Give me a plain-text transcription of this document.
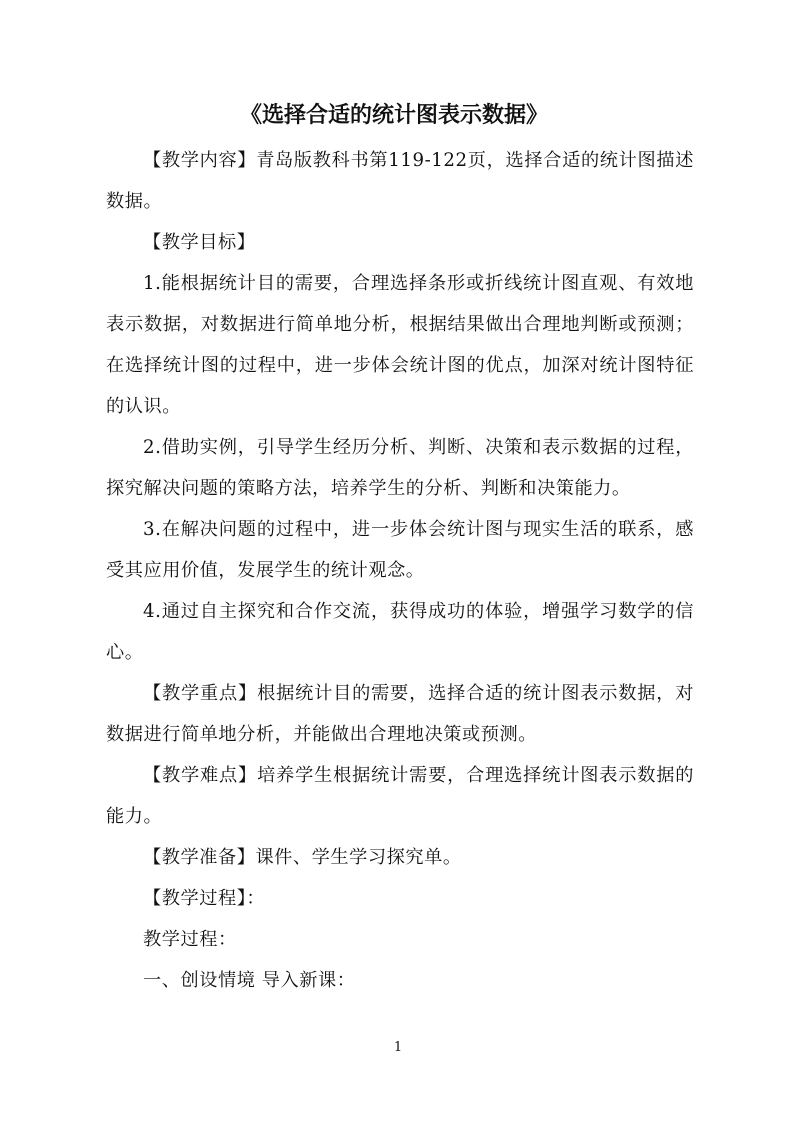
《选择合适的统计图表示数据》

【教学内容】青岛版教科书第119-122页，选择合适的统计图描述数据。

【教学目标】

1.能根据统计目的需要，合理选择条形或折线统计图直观、有效地表示数据，对数据进行简单地分析，根据结果做出合理地判断或预测；在选择统计图的过程中，进一步体会统计图的优点，加深对统计图特征的认识。

2.借助实例，引导学生经历分析、判断、决策和表示数据的过程，探究解决问题的策略方法，培养学生的分析、判断和决策能力。

3.在解决问题的过程中，进一步体会统计图与现实生活的联系，感受其应用价值，发展学生的统计观念。

4.通过自主探究和合作交流，获得成功的体验，增强学习数学的信心。

【教学重点】根据统计目的需要，选择合适的统计图表示数据，对数据进行简单地分析，并能做出合理地决策或预测。

【教学难点】培养学生根据统计需要，合理选择统计图表示数据的能力。

【教学准备】课件、学生学习探究单。

【教学过程】：

教学过程：

一、创设情境 导入新课：

1
